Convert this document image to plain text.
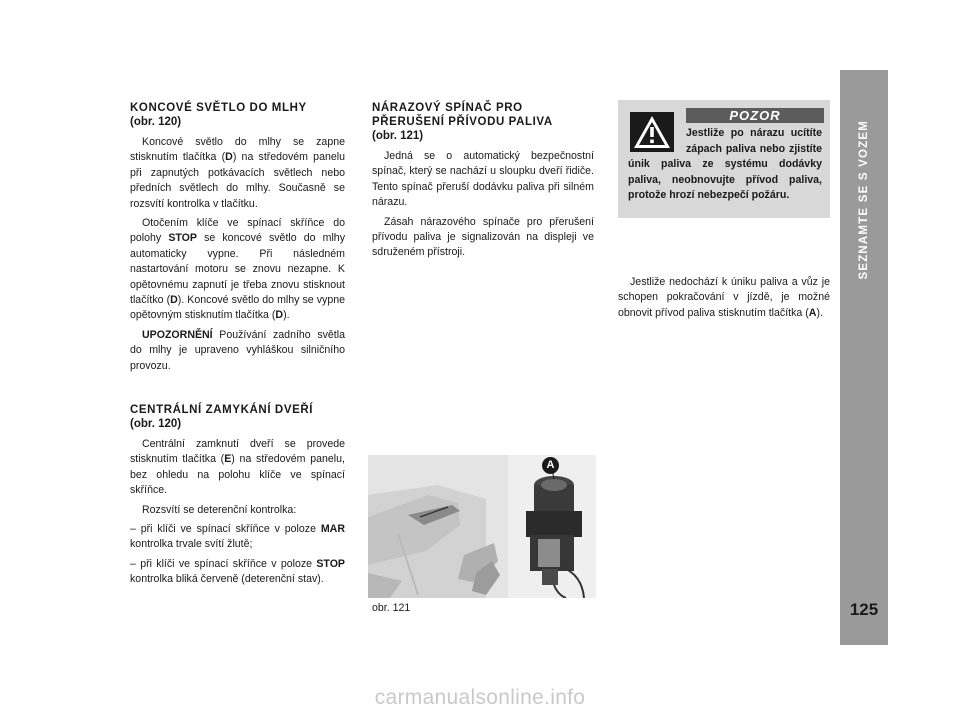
SEZNAMTE SE S VOZEM
125
KONCOVÉ SVĚTLO DO MLHY
(obr. 120)

Koncové světlo do mlhy se zapne stisknutím tlačítka (D) na středovém panelu při zapnutých potkávacích světlech nebo předních světlech do mlhy. Současně se rozsvítí kontrolka v tlačítku.

Otočením klíče ve spínací skříňce do polohy STOP se koncové světlo do mlhy automaticky vypne. Při následném nastartování motoru se znovu nezapne. K opětovnému zapnutí je třeba znovu stisknout tlačítko (D). Koncové světlo do mlhy se vypne opětovným stisknutím tlačítka (D).

UPOZORNĚNÍ Používání zadního světla do mlhy je upraveno vyhláškou silničního provozu.

CENTRÁLNÍ ZAMYKÁNÍ DVEŘÍ
(obr. 120)

Centrální zamknutí dveří se provede stisknutím tlačítka (E) na středovém panelu, bez ohledu na polohu klíče ve spínací skříňce.

Rozsvítí se deterenční kontrolka:

– při klíči ve spínací skříňce v poloze MAR kontrolka trvale svítí žlutě;

– při klíči ve spínací skříňce v poloze STOP kontrolka bliká červeně (deterenční stav).

NÁRAZOVÝ SPÍNAČ PRO
PŘERUŠENÍ PŘÍVODU PALIVA
(obr. 121)

Jedná se o automatický bezpečnostní spínač, který se nachází u sloupku dveří řidiče. Tento spínač přeruší dodávku paliva při silném nárazu.

Zásah nárazového spínače pro přerušení přívodu paliva je signalizován na displeji ve sdruženém přístroji.

A
obr. 121
POZOR
Jestliže po nárazu ucítíte zápach paliva nebo zjistíte únik paliva ze systému dodávky paliva, neobnovujte přívod paliva, protože hrozí nebezpečí požáru.

Jestliže nedochází k úniku paliva a vůz je schopen pokračování v jízdě, je možné obnovit přívod paliva stisknutím tlačítka (A).

carmanualsonline.info
